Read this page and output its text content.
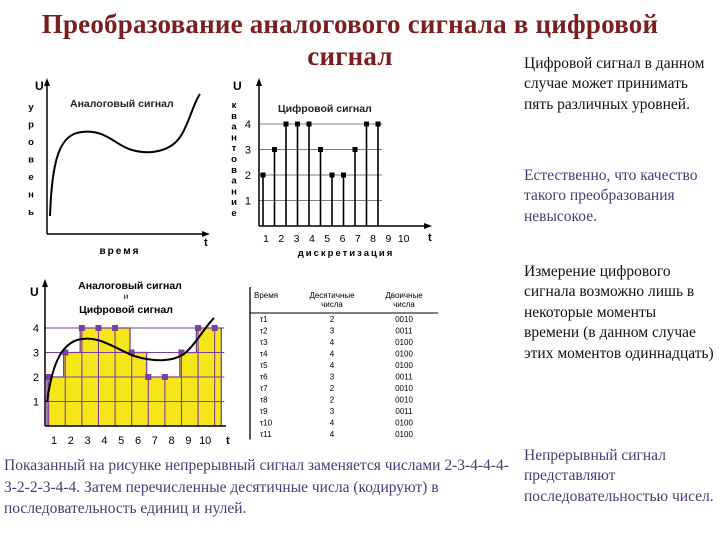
Преобразование аналогового сигнала в цифровой
сигнал
U
у
р
о
в
е
н
ь
Аналоговый сигнал
время
t
U
к
в
а
н
т
о
в
а
н
и
е
Цифровой сигнал
1
2
3
4
1 2 3 4 5 6 7 8 9 10 t
дискретизация
Аналоговый сигнал
и
Цифровой сигнал
U
1
2
3
4
1 2 3 4 5 6 7 8 9 10 t
Время	Десятичные
числа
Двоичные
числа
τ1	2	0010
τ2	3	0011
τ3	4	0100
τ4	4	0100
τ5	4	0100
τ6	3	0011
τ7	2	0010
τ8	2	0010
τ9	3	0011
τ10	4	0100
τ11	4	0100
Цифровой сигнал в данном случае может принимать пять различных уровней.
Естественно, что качество такого преобразования невысокое.
Измерение цифрового сигнала возможно лишь в некоторые моменты времени (в данном случае этих моментов одиннадцать)
Непрерывный сигнал представляют последовательностью чисел.
Показанный на рисунке непрерывный сигнал заменяется числами 2-3-4-4-4-3-2-2-3-4-4. Затем перечисленные десятичные числа (кодируют) в последовательность единиц и нулей.
